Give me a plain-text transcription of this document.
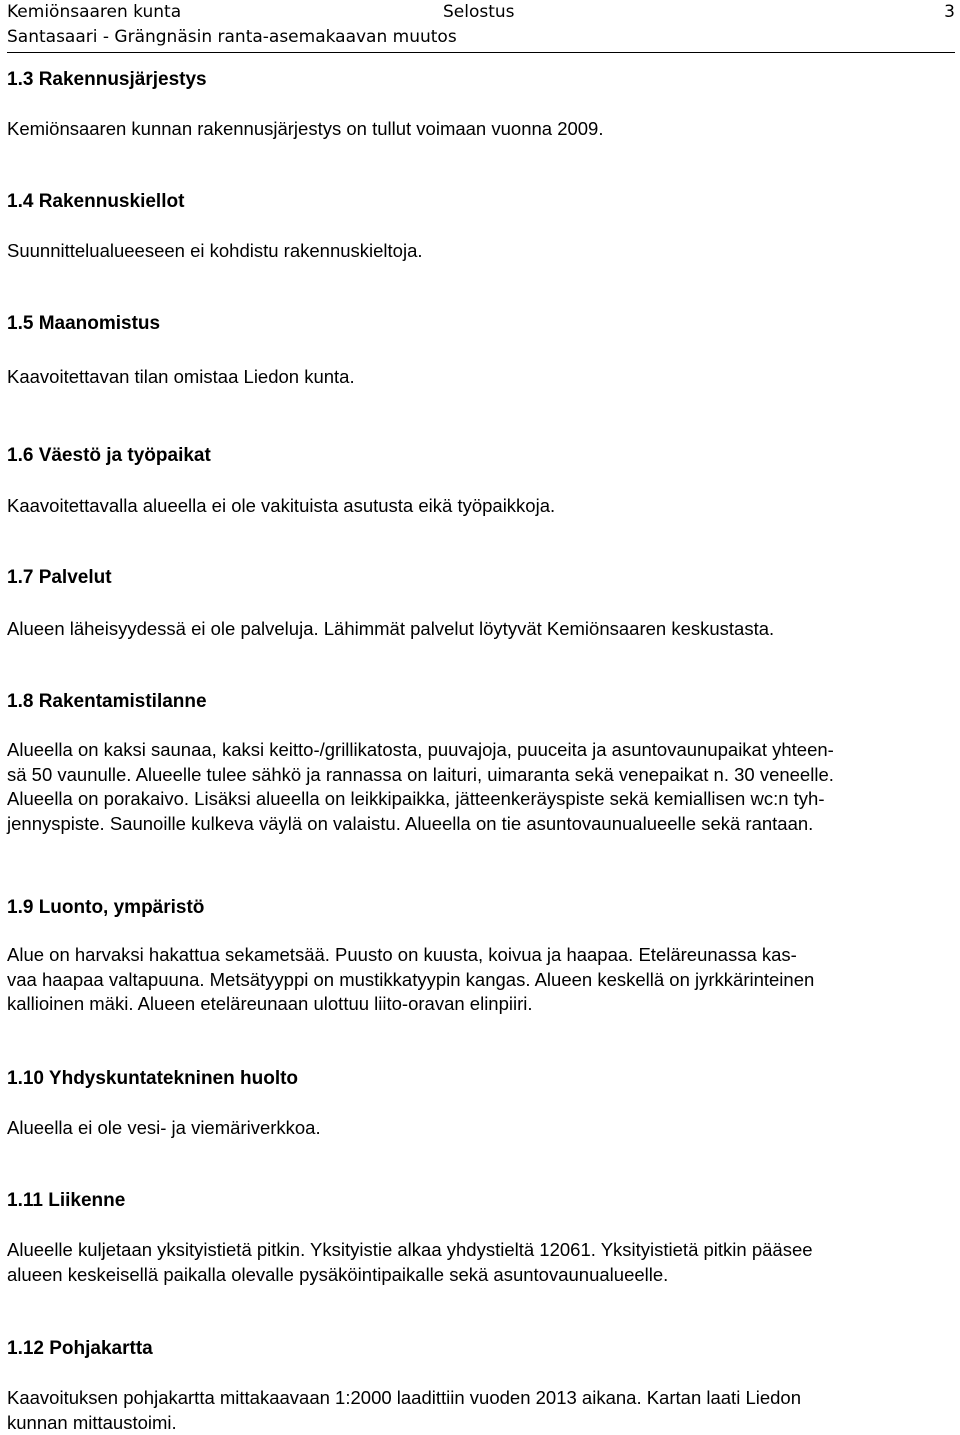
Kemiönsaaren kunta	Selostus	3
Santasaari - Grängnäsin ranta-asemakaavan muutos
1.3 Rakennusjärjestys
Kemiönsaaren kunnan rakennusjärjestys on tullut voimaan vuonna 2009.
1.4 Rakennuskiellot
Suunnittelualueeseen ei kohdistu rakennuskieltoja.
1.5 Maanomistus
Kaavoitettavan tilan omistaa Liedon kunta.
1.6 Väestö ja työpaikat
Kaavoitettavalla alueella ei ole vakituista asutusta eikä työpaikkoja.
1.7 Palvelut
Alueen läheisyydessä ei ole palveluja. Lähimmät palvelut löytyvät Kemiönsaaren keskustasta.
1.8 Rakentamistilanne
Alueella on kaksi saunaa, kaksi keitto-/grillikatosta, puuvajoja, puuceita ja asuntovaunupaikat yhteen-
sä 50 vaunulle. Alueelle tulee sähkö ja rannassa on laituri, uimaranta sekä venepaikat n. 30 veneelle.
Alueella on porakaivo. Lisäksi alueella on leikkipaikka, jätteenkeräyspiste sekä kemiallisen wc:n tyh-
jennyspiste. Saunoille kulkeva väylä on valaistu. Alueella on tie asuntovaunualueelle sekä rantaan.
1.9 Luonto, ympäristö
Alue on harvaksi hakattua sekametsää. Puusto on kuusta, koivua ja haapaa. Eteläreunassa kas-
vaa haapaa valtapuuna. Metsätyyppi on mustikkatyypin kangas. Alueen keskellä on jyrkkärinteinen
kallioinen mäki. Alueen eteläreunaan ulottuu liito-oravan elinpiiri.
1.10 Yhdyskuntatekninen huolto
Alueella ei ole vesi- ja viemäriverkkoa.
1.11 Liikenne
Alueelle kuljetaan yksityistietä pitkin. Yksityistie alkaa yhdystieltä 12061. Yksityistietä pitkin pääsee
alueen keskeisellä paikalla olevalle pysäköintipaikalle sekä asuntovaunualueelle.
1.12 Pohjakartta
Kaavoituksen pohjakartta mittakaavaan 1:2000 laadittiin vuoden 2013 aikana. Kartan laati Liedon
kunnan mittaustoimi.
